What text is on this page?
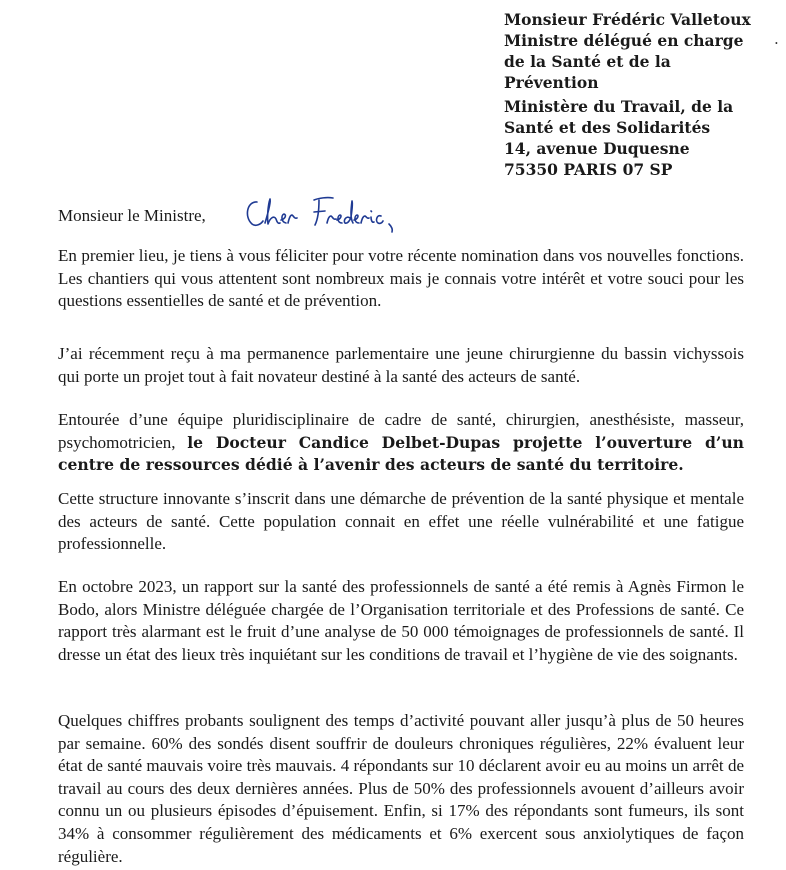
Monsieur Frédéric Valletoux
Ministre délégué en charge
de la Santé et de la
Prévention
Ministère du Travail, de la
Santé et des Solidarités
14, avenue Duquesne
75350 PARIS 07 SP
•
Monsieur le Ministre,

En premier lieu, je tiens à vous féliciter pour votre récente nomination dans vos nouvelles fonctions. Les chantiers qui vous attentent sont nombreux mais je connais votre intérêt et votre souci pour les questions essentielles de santé et de prévention.

J’ai récemment reçu à ma permanence parlementaire une jeune chirurgienne du bassin vichyssois qui porte un projet tout à fait novateur destiné à la santé des acteurs de santé.

Entourée d’une équipe pluridisciplinaire de cadre de santé, chirurgien, anesthésiste, masseur, psychomotricien, le Docteur Candice Delbet-Dupas projette l’ouverture d’un centre de ressources dédié à l’avenir des acteurs de santé du territoire.

Cette structure innovante s’inscrit dans une démarche de prévention de la santé physique et mentale des acteurs de santé. Cette population connait en effet une réelle vulnérabilité et une fatigue professionnelle.

En octobre 2023, un rapport sur la santé des professionnels de santé a été remis à Agnès Firmon le Bodo, alors Ministre déléguée chargée de l’Organisation territoriale et des Professions de santé. Ce rapport très alarmant est le fruit d’une analyse de 50 000 témoignages de professionnels de santé. Il dresse un état des lieux très inquiétant sur les conditions de travail et l’hygiène de vie des soignants.

Quelques chiffres probants soulignent des temps d’activité pouvant aller jusqu’à plus de 50 heures par semaine. 60% des sondés disent souffrir de douleurs chroniques régulières, 22% évaluent leur état de santé mauvais voire très mauvais. 4 répondants sur 10 déclarent avoir eu au moins un arrêt de travail au cours des deux dernières années. Plus de 50% des professionnels avouent d’ailleurs avoir connu un ou plusieurs épisodes d’épuisement. Enfin, si 17% des répondants sont fumeurs, ils sont 34% à consommer régulièrement des médicaments et 6% exercent sous anxiolytiques de façon régulière.
